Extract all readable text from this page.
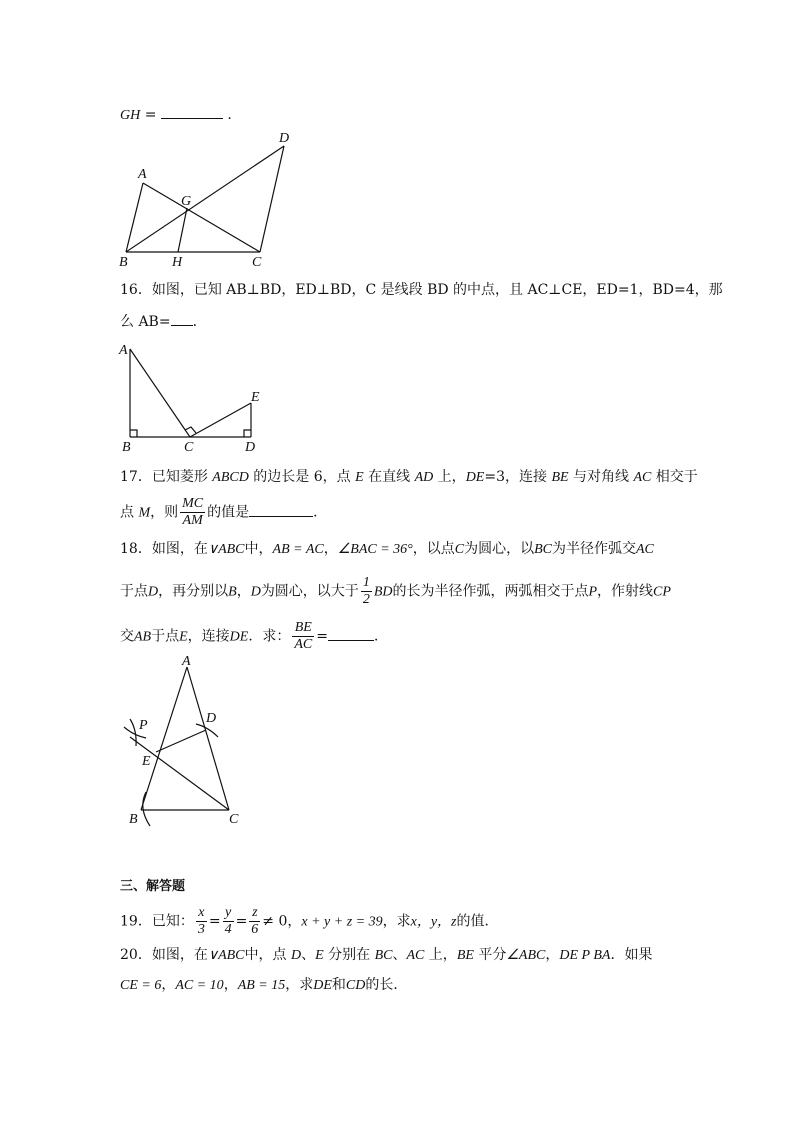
GH =	.
D
A
G
B	H	C
16．如图，已知 AB⊥BD，ED⊥BD，C 是线段 BD 的中点，且 AC⊥CE，ED=1，BD=4，那
么 AB= ．
A
E
B	C	D
17．已知菱形 ABCD 的边长是 6，点 E 在直线 AD 上，DE=3，连接 BE 与对角线 AC 相交于
点 M，则 $\frac{MC}{AM}$ 的值是	．
18．如图，在∨ABC中，AB = AC，∠BAC = 36°，以点C为圆心，以BC为半径作弧交AC
于点D，再分别以B，D为圆心，以大于 $\frac{1}{2}$ BD的长为半径作弧，两弧相交于点P，作射线CP
交AB于点E，连接DE．求： $\frac{BE}{AC}$ =	．
A
D
P
E
B	C
三、解答题
19．已知： $\frac{x}{3} = \frac{y}{4} = \frac{z}{6} \ne 0$，x + y + z = 39，求x，y，z的值．
20．如图，在∨ABC中，点 D、E 分别在 BC、AC 上，BE 平分∠ABC，DE P BA．如果
CE = 6，AC = 10，AB = 15，求DE和CD的长．
